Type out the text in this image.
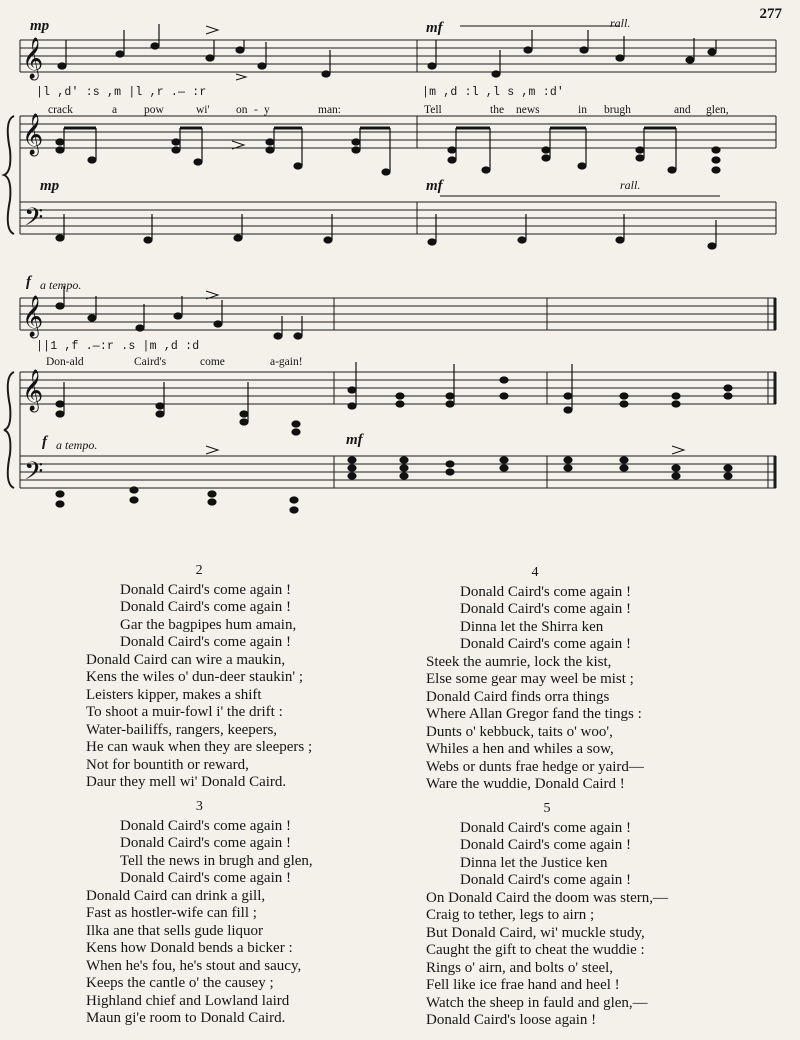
277
𝄞
𝄞
𝄢
𝄞
𝄞
𝄢
mp	mf	rall.
mp	mf	rall.
f a tempo.
f a tempo.	mf
|l ,d' :s ,m |l ,r .— :r	|m ,d :l ,l s ,m :d'
||1 ,f .—:r .s |m ,d :d
crack	a pow	wi' on - y	man:	Tell	the news	in brugh	and glen,
Don-ald	Caird's	come	a-gain!
2
Donald Caird's come again !
Donald Caird's come again !
Gar the bagpipes hum amain,
Donald Caird's come again !
Donald Caird can wire a maukin,
Kens the wiles o' dun-deer staukin' ;
Leisters kipper, makes a shift
To shoot a muir-fowl i' the drift :
Water-bailiffs, rangers, keepers,
He can wauk when they are sleepers ;
Not for bountith or reward,
Daur they mell wi' Donald Caird.
3
Donald Caird's come again !
Donald Caird's come again !
Tell the news in brugh and glen,
Donald Caird's come again !
Donald Caird can drink a gill,
Fast as hostler-wife can fill ;
Ilka ane that sells gude liquor
Kens how Donald bends a bicker :
When he's fou, he's stout and saucy,
Keeps the cantle o' the causey ;
Highland chief and Lowland laird
Maun gi'e room to Donald Caird.
4
Donald Caird's come again !
Donald Caird's come again !
Dinna let the Shirra ken
Donald Caird's come again !
Steek the aumrie, lock the kist,
Else some gear may weel be mist ;
Donald Caird finds orra things
Where Allan Gregor fand the tings :
Dunts o' kebbuck, taits o' woo',
Whiles a hen and whiles a sow,
Webs or dunts frae hedge or yaird—
Ware the wuddie, Donald Caird !
5
Donald Caird's come again !
Donald Caird's come again !
Dinna let the Justice ken
Donald Caird's come again !
On Donald Caird the doom was stern,—
Craig to tether, legs to airn ;
But Donald Caird, wi' muckle study,
Caught the gift to cheat the wuddie :
Rings o' airn, and bolts o' steel,
Fell like ice frae hand and heel !
Watch the sheep in fauld and glen,—
Donald Caird's loose again !
